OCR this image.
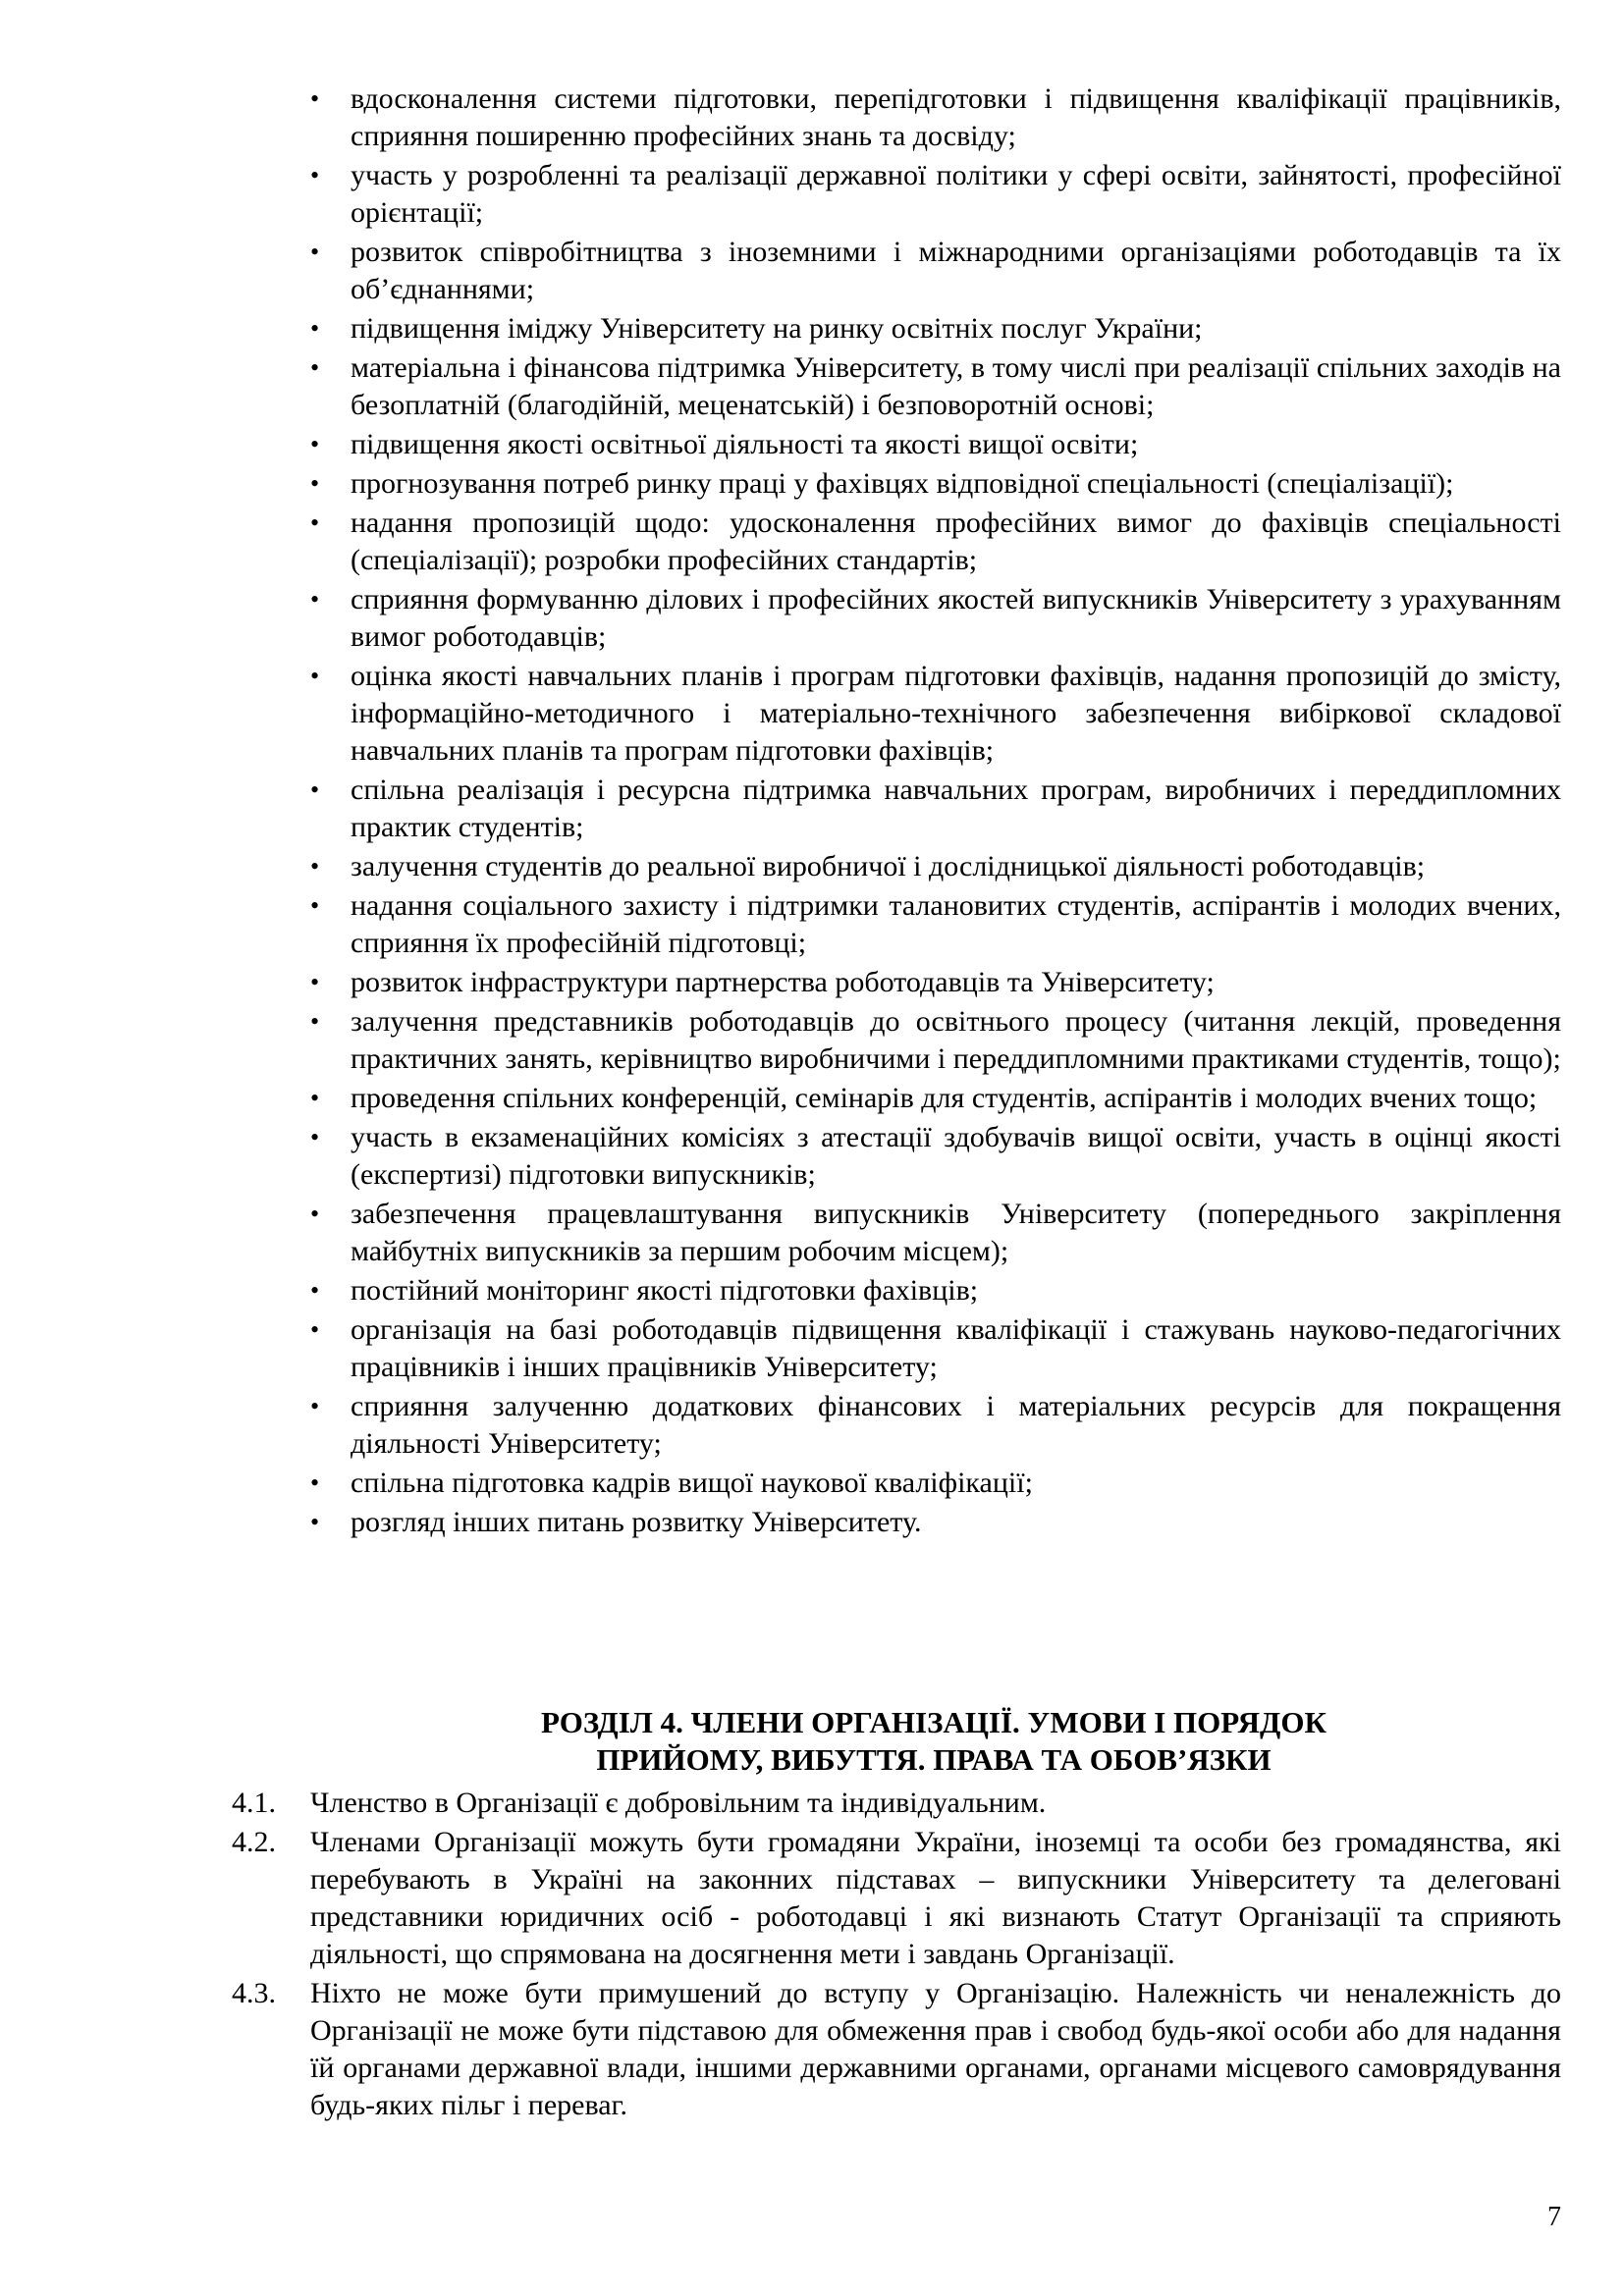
• вдосконалення системи підготовки, перепідготовки і підвищення кваліфікації працівників, сприяння поширенню професійних знань та досвіду;
• участь у розробленні та реалізації державної політики у сфері освіти, зайнятості, професійної орієнтації;
• розвиток співробітництва з іноземними і міжнародними організаціями роботодавців та їх об’єднаннями;
• підвищення іміджу Університету на ринку освітніх послуг України;
• матеріальна і фінансова підтримка Університету, в тому числі при реалізації спільних заходів на безоплатній (благодійній, меценатській) і безповоротній основі;
• підвищення якості освітньої діяльності та якості вищої освіти;
• прогнозування потреб ринку праці у фахівцях відповідної спеціальності (спеціалізації);
• надання пропозицій щодо: удосконалення професійних вимог до фахівців спеціальності (спеціалізації); розробки професійних стандартів;
• сприяння формуванню ділових і професійних якостей випускників Університету з урахуванням вимог роботодавців;
• оцінка якості навчальних планів і програм підготовки фахівців, надання пропозицій до змісту, інформаційно-методичного і матеріально-технічного забезпечення вибіркової складової навчальних планів та програм підготовки фахівців;
• спільна реалізація і ресурсна підтримка навчальних програм, виробничих і переддипломних практик студентів;
• залучення студентів до реальної виробничої і дослідницької діяльності роботодавців;
• надання соціального захисту і підтримки талановитих студентів, аспірантів і молодих вчених, сприяння їх професійній підготовці;
• розвиток інфраструктури партнерства роботодавців та Університету;
• залучення представників роботодавців до освітнього процесу (читання лекцій, проведення практичних занять, керівництво виробничими і переддипломними практиками студентів, тощо);
• проведення спільних конференцій, семінарів для студентів, аспірантів і молодих вчених тощо;
• участь в екзаменаційних комісіях з атестації здобувачів вищої освіти, участь в оцінці якості (експертизі) підготовки випускників;
• забезпечення працевлаштування випускників Університету (попереднього закріплення майбутніх випускників за першим робочим місцем);
• постійний моніторинг якості підготовки фахівців;
• організація на базі роботодавців підвищення кваліфікації і стажувань науково-педагогічних працівників і інших працівників Університету;
• сприяння залученню додаткових фінансових і матеріальних ресурсів для покращення діяльності Університету;
• спільна підготовка кадрів вищої наукової кваліфікації;
• розгляд інших питань розвитку Університету.
РОЗДІЛ 4. ЧЛЕНИ ОРГАНІЗАЦІЇ. УМОВИ І ПОРЯДОК
ПРИЙОМУ, ВИБУТТЯ. ПРАВА ТА ОБОВ’ЯЗКИ
4.1. Членство в Організації є добровільним та індивідуальним.
4.2. Членами Організації можуть бути громадяни України, іноземці та особи без громадянства, які перебувають в Україні на законних підставах – випускники Університету та делеговані представники юридичних осіб - роботодавці і які визнають Статут Організації та сприяють діяльності, що спрямована на досягнення мети і завдань Організації.
4.3. Ніхто не може бути примушений до вступу у Організацію. Належність чи неналежність до Організації не може бути підставою для обмеження прав і свобод будь-якої особи або для надання їй органами державної влади, іншими державними органами, органами місцевого самоврядування будь-яких пільг і переваг.
7
